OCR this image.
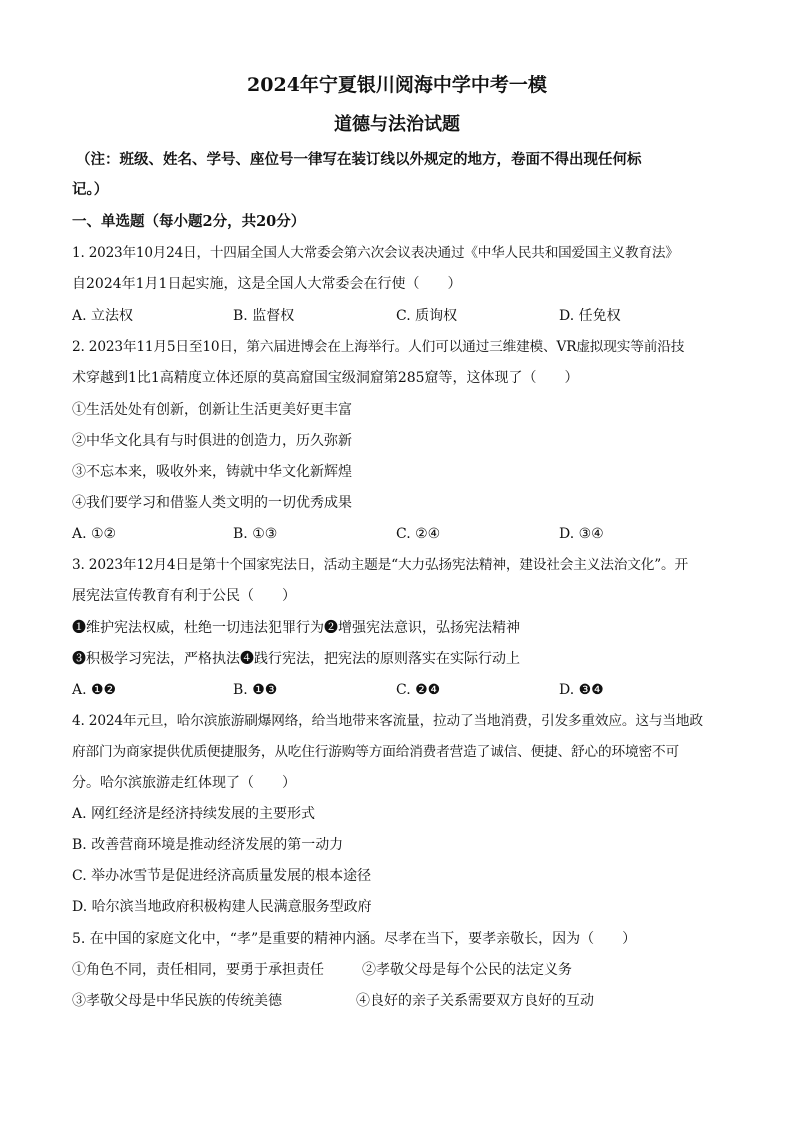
2024年宁夏银川阅海中学中考一模
道德与法治试题
（注：班级、姓名、学号、座位号一律写在装订线以外规定的地方，卷面不得出现任何标
记。）
一、单选题（每小题2分，共20分）
1. 2023年10月24日，十四届全国人大常委会第六次会议表决通过《中华人民共和国爱国主义教育法》
自2024年1月1日起实施，这是全国人大常委会在行使（　　）
A. 立法权	B. 监督权	C. 质询权	D. 任免权
2. 2023年11月5日至10日，第六届进博会在上海举行。人们可以通过三维建模、VR虚拟现实等前沿技
术穿越到1比1高精度立体还原的莫高窟国宝级洞窟第285窟等，这体现了（　　）
①生活处处有创新，创新让生活更美好更丰富
②中华文化具有与时俱进的创造力，历久弥新
③不忘本来，吸收外来，铸就中华文化新辉煌
④我们要学习和借鉴人类文明的一切优秀成果
A. ①②	B. ①③	C. ②④	D. ③④
3. 2023年12月4日是第十个国家宪法日，活动主题是“大力弘扬宪法精神，建设社会主义法治文化”。开
展宪法宣传教育有利于公民（　　）
❶维护宪法权威，杜绝一切违法犯罪行为❷增强宪法意识，弘扬宪法精神
❸积极学习宪法，严格执法❹践行宪法，把宪法的原则落实在实际行动上
A. ❶❷	B. ❶❸	C. ❷❹	D. ❸❹
4. 2024年元旦，哈尔滨旅游刷爆网络，给当地带来客流量，拉动了当地消费，引发多重效应。这与当地政
府部门为商家提供优质便捷服务，从吃住行游购等方面给消费者营造了诚信、便捷、舒心的环境密不可
分。哈尔滨旅游走红体现了（　　）
A. 网红经济是经济持续发展的主要形式
B. 改善营商环境是推动经济发展的第一动力
C. 举办冰雪节是促进经济高质量发展的根本途径
D. 哈尔滨当地政府积极构建人民满意服务型政府
5. 在中国的家庭文化中，“孝”是重要的精神内涵。尽孝在当下，要孝亲敬长，因为（　　）
①角色不同，责任相同，要勇于承担责任	②孝敬父母是每个公民的法定义务
③孝敬父母是中华民族的传统美德	④良好的亲子关系需要双方良好的互动
